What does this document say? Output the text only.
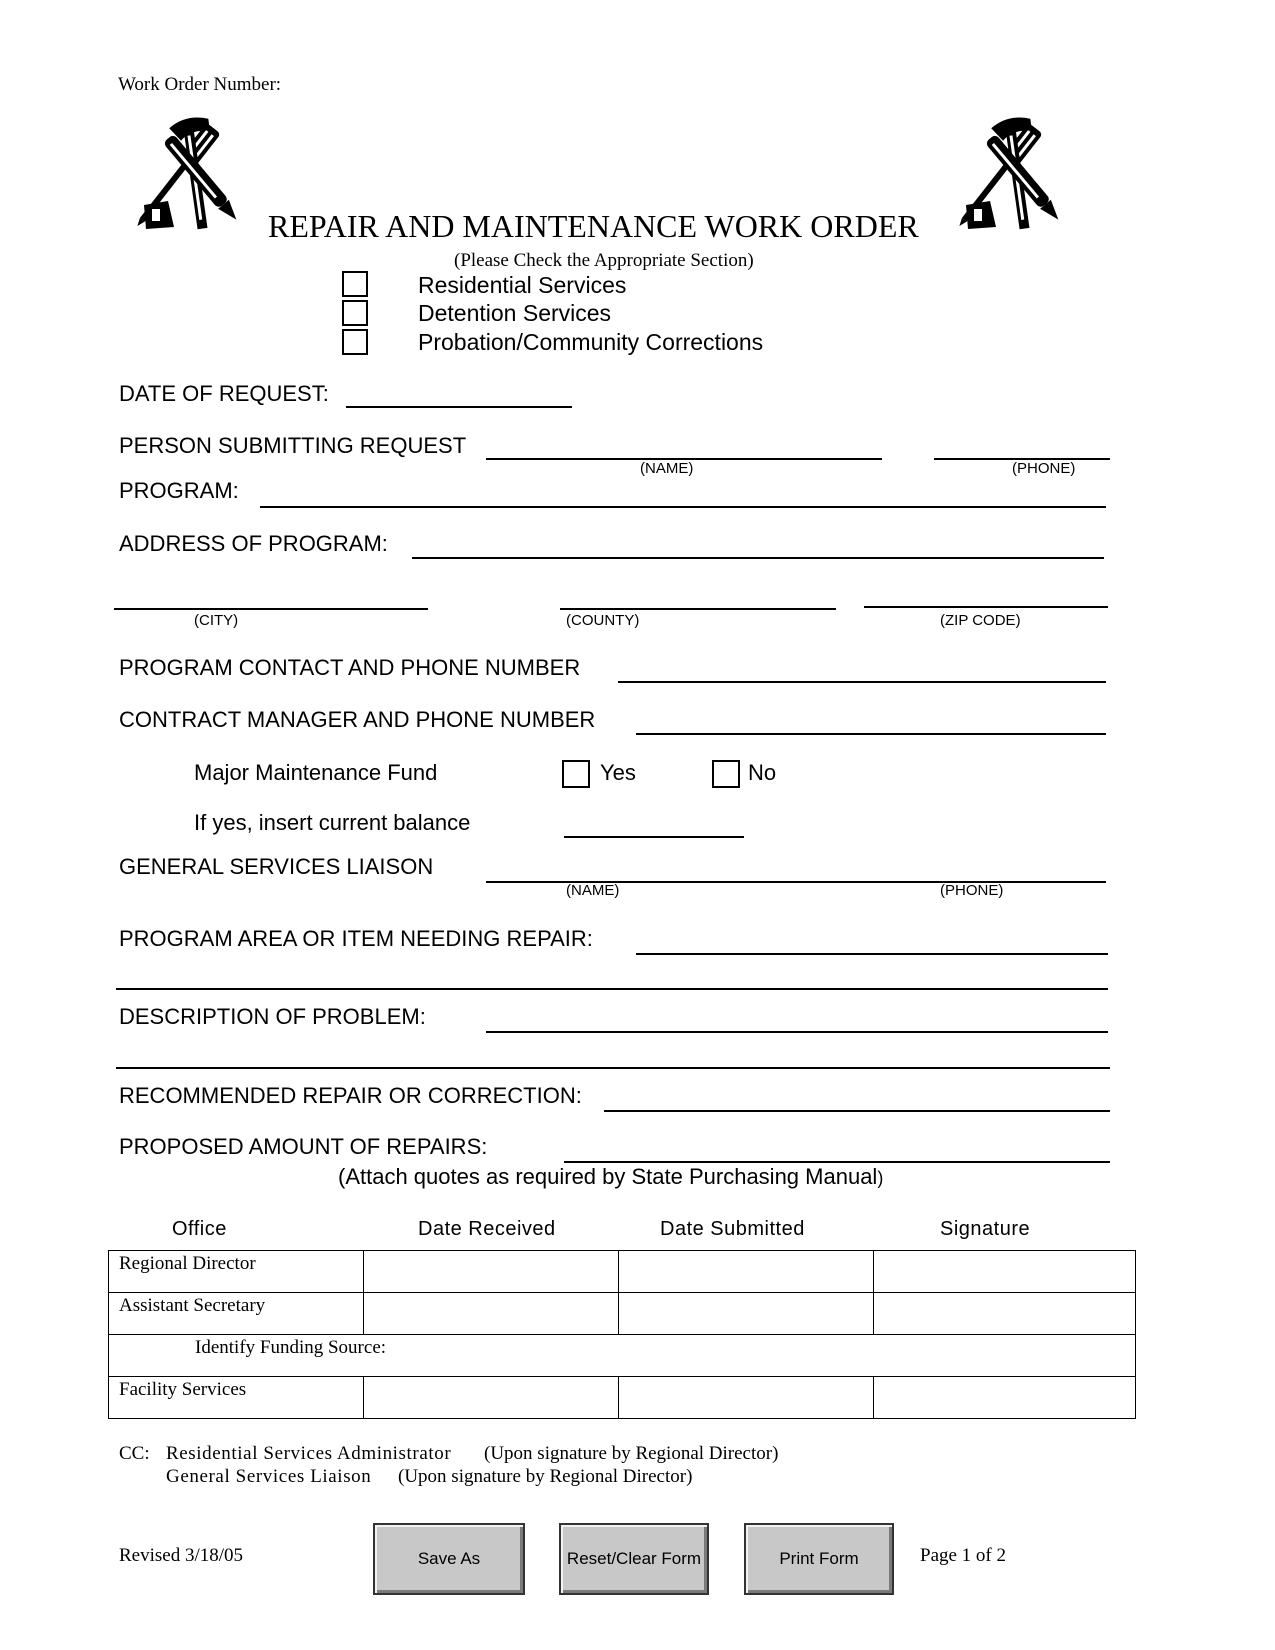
Work Order Number:
REPAIR AND MAINTENANCE WORK ORDER
(Please Check the Appropriate Section)
Residential Services
Detention Services
Probation/Community Corrections
DATE OF REQUEST:
PERSON SUBMITTING REQUEST
(NAME)	(PHONE)
PROGRAM:
ADDRESS OF PROGRAM:
(CITY)	(COUNTY)	(ZIP CODE)
PROGRAM CONTACT AND PHONE NUMBER
CONTRACT MANAGER AND PHONE NUMBER
Major Maintenance Fund	Yes	No
If yes, insert current balance
GENERAL SERVICES LIAISON
(NAME)	(PHONE)
PROGRAM AREA OR ITEM NEEDING REPAIR:
DESCRIPTION OF PROBLEM:
RECOMMENDED REPAIR OR CORRECTION:
PROPOSED AMOUNT OF REPAIRS:
(Attach quotes as required by State Purchasing Manual)
Office	Date Received	Date Submitted	Signature
Regional Director			
Assistant Secretary			
Identify Funding Source:			
Facility Services			
CC: Residential Services Administrator (Upon signature by Regional Director)
General Services Liaison (Upon signature by Regional Director)
Revised 3/18/05	Page 1 of 2
Save As	Reset/Clear Form	Print Form
